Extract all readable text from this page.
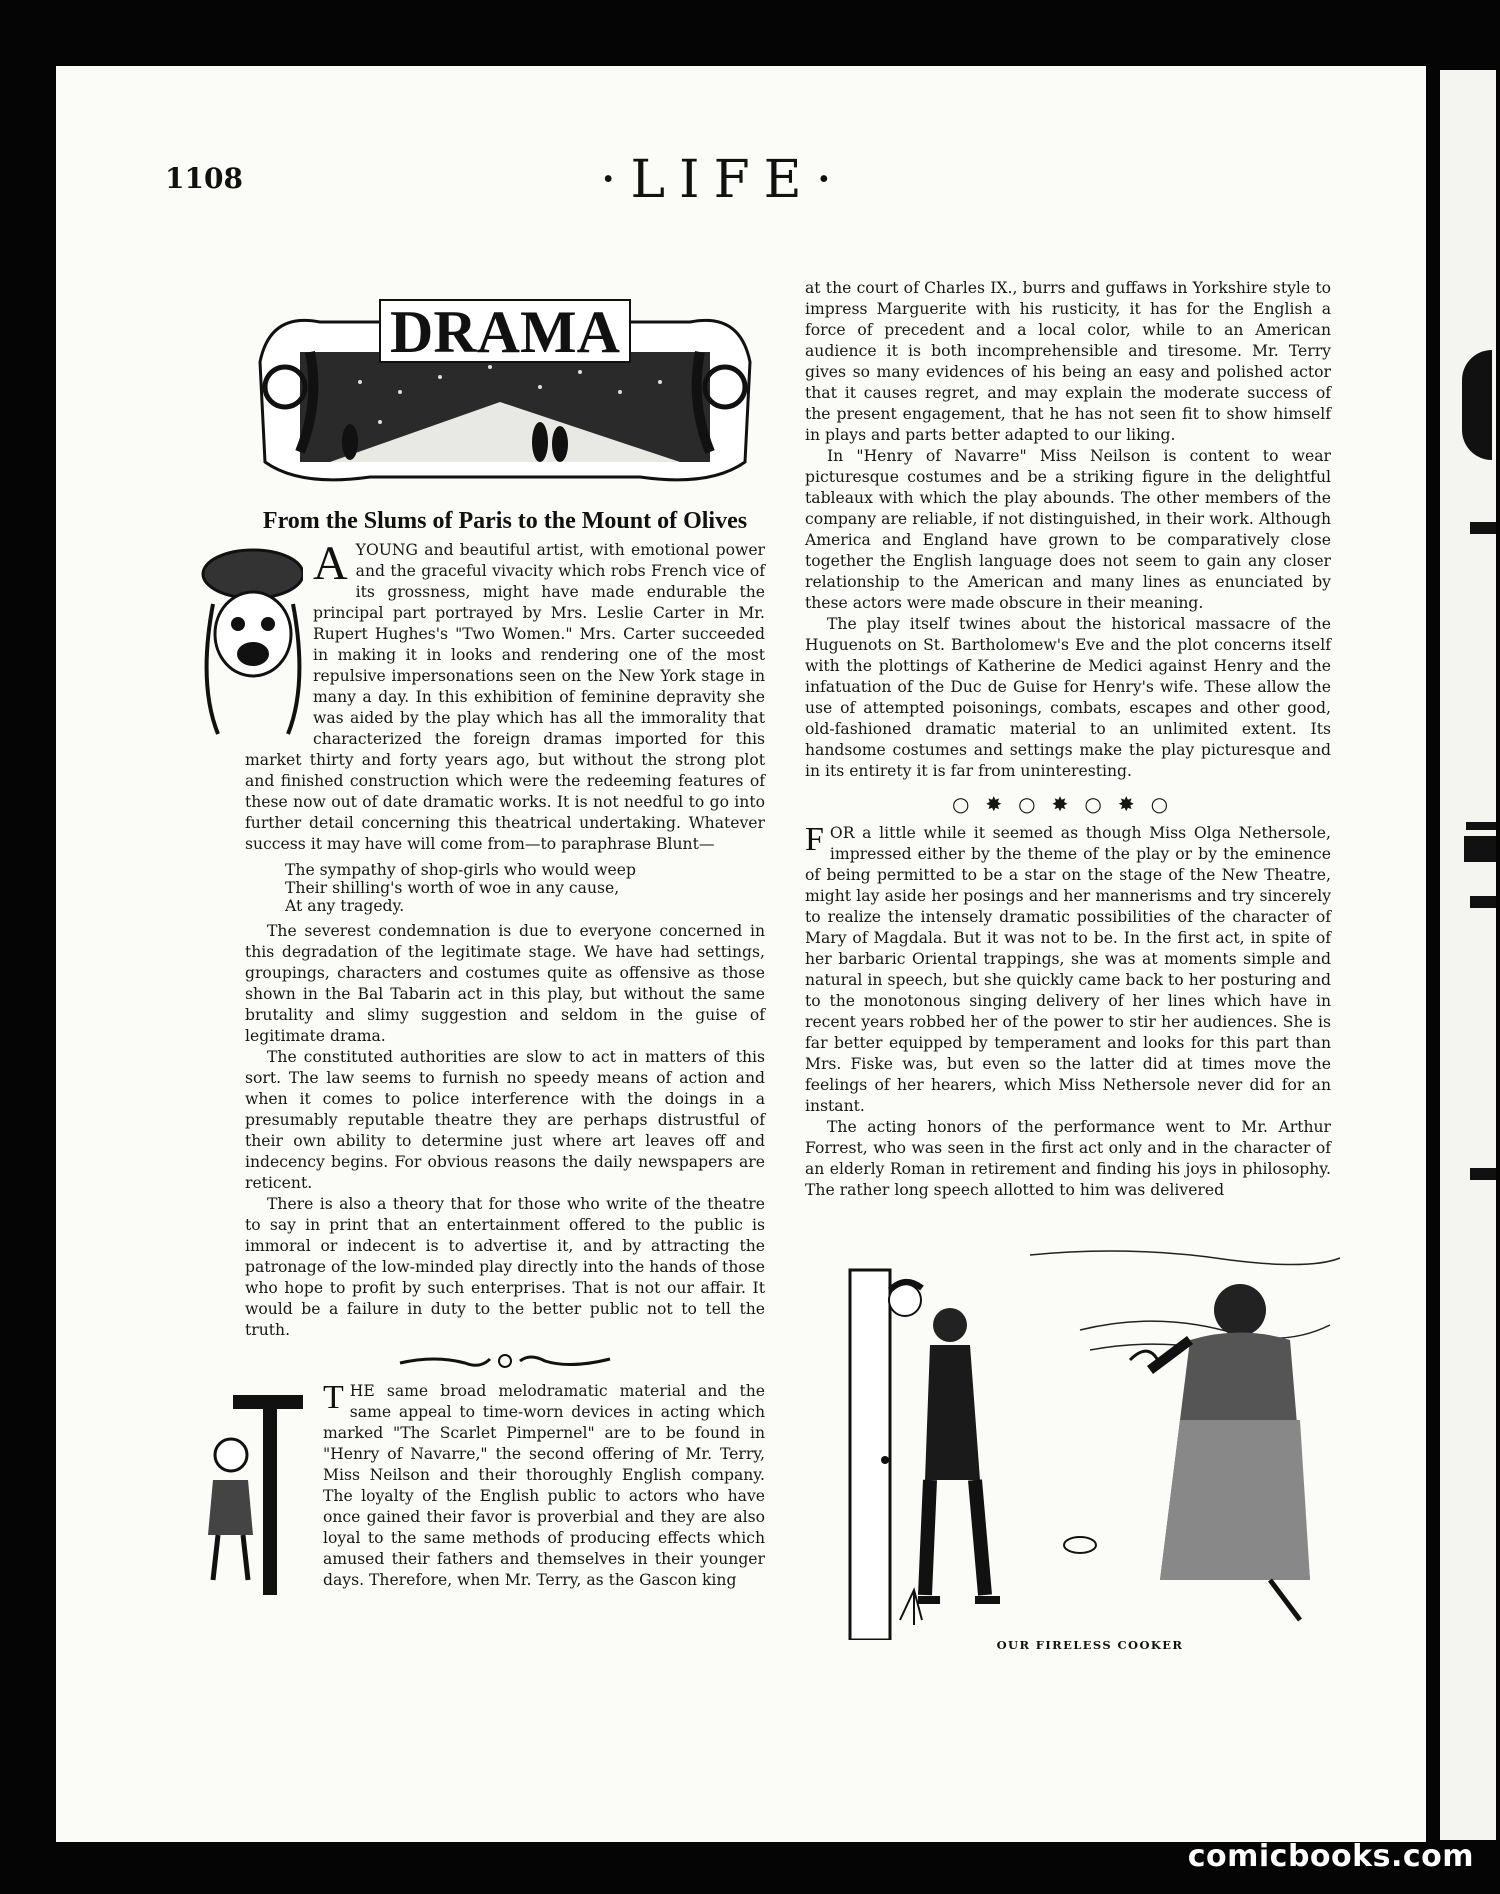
1108	·LIFE·
DRAMA
From the Slums of Paris to the Mount of Olives

AYOUNG and beautiful artist, with emotional power and the graceful vivacity which robs French vice of its grossness, might have made endurable the principal part portrayed by Mrs. Leslie Carter in Mr. Rupert Hughes's "Two Women." Mrs. Carter succeeded in making it in looks and rendering one of the most repulsive impersonations seen on the New York stage in many a day. In this exhibition of feminine depravity she was aided by the play which has all the immorality that characterized the foreign dramas imported for this market thirty and forty years ago, but without the strong plot and finished construction which were the redeeming features of these now out of date dramatic works. It is not needful to go into further detail concerning this theatrical undertaking. Whatever success it may have will come from—to paraphrase Blunt—

The sympathy of shop-girls who would weep
Their shilling's worth of woe in any cause,
At any tragedy.

The severest condemnation is due to everyone concerned in this degradation of the legitimate stage. We have had settings, groupings, characters and costumes quite as offensive as those shown in the Bal Tabarin act in this play, but without the same brutality and slimy suggestion and seldom in the guise of legitimate drama.

The constituted authorities are slow to act in matters of this sort. The law seems to furnish no speedy means of action and when it comes to police interference with the doings in a presumably reputable theatre they are perhaps distrustful of their own ability to determine just where art leaves off and indecency begins. For obvious reasons the daily newspapers are reticent.

There is also a theory that for those who write of the theatre to say in print that an entertainment offered to the public is immoral or indecent is to advertise it, and by attracting the patronage of the low-minded play directly into the hands of those who hope to profit by such enterprises. That is not our affair. It would be a failure in duty to the better public not to tell the truth.

THE same broad melodramatic material and the same appeal to time-worn devices in acting which marked "The Scarlet Pimpernel" are to be found in "Henry of Navarre," the second offering of Mr. Terry, Miss Neilson and their thoroughly English company. The loyalty of the English public to actors who have once gained their favor is proverbial and they are also loyal to the same methods of producing effects which amused their fathers and themselves in their younger days. Therefore, when Mr. Terry, as the Gascon king

at the court of Charles IX., burrs and guffaws in Yorkshire style to impress Marguerite with his rusticity, it has for the English a force of precedent and a local color, while to an American audience it is both incomprehensible and tiresome. Mr. Terry gives so many evidences of his being an easy and polished actor that it causes regret, and may explain the moderate success of the present engagement, that he has not seen fit to show himself in plays and parts better adapted to our liking.

In "Henry of Navarre" Miss Neilson is content to wear picturesque costumes and be a striking figure in the delightful tableaux with which the play abounds. The other members of the company are reliable, if not distinguished, in their work. Although America and England have grown to be comparatively close together the English language does not seem to gain any closer relationship to the American and many lines as enunciated by these actors were made obscure in their meaning.

The play itself twines about the historical massacre of the Huguenots on St. Bartholomew's Eve and the plot concerns itself with the plottings of Katherine de Medici against Henry and the infatuation of the Duc de Guise for Henry's wife. These allow the use of attempted poisonings, combats, escapes and other good, old-fashioned dramatic material to an unlimited extent. Its handsome costumes and settings make the play picturesque and in its entirety it is far from uninteresting.

○✸○✸○✸○

FOR a little while it seemed as though Miss Olga Nethersole, impressed either by the theme of the play or by the eminence of being permitted to be a star on the stage of the New Theatre, might lay aside her posings and her mannerisms and try sincerely to realize the intensely dramatic possibilities of the character of Mary of Magdala. But it was not to be. In the first act, in spite of her barbaric Oriental trappings, she was at moments simple and natural in speech, but she quickly came back to her posturing and to the monotonous singing delivery of her lines which have in recent years robbed her of the power to stir her audiences. She is far better equipped by temperament and looks for this part than Mrs. Fiske was, but even so the latter did at times move the feelings of her hearers, which Miss Nethersole never did for an instant.

The acting honors of the performance went to Mr. Arthur Forrest, who was seen in the first act only and in the character of an elderly Roman in retirement and finding his joys in philosophy. The rather long speech allotted to him was delivered

OUR FIRELESS COOKER
comicbooks.com
